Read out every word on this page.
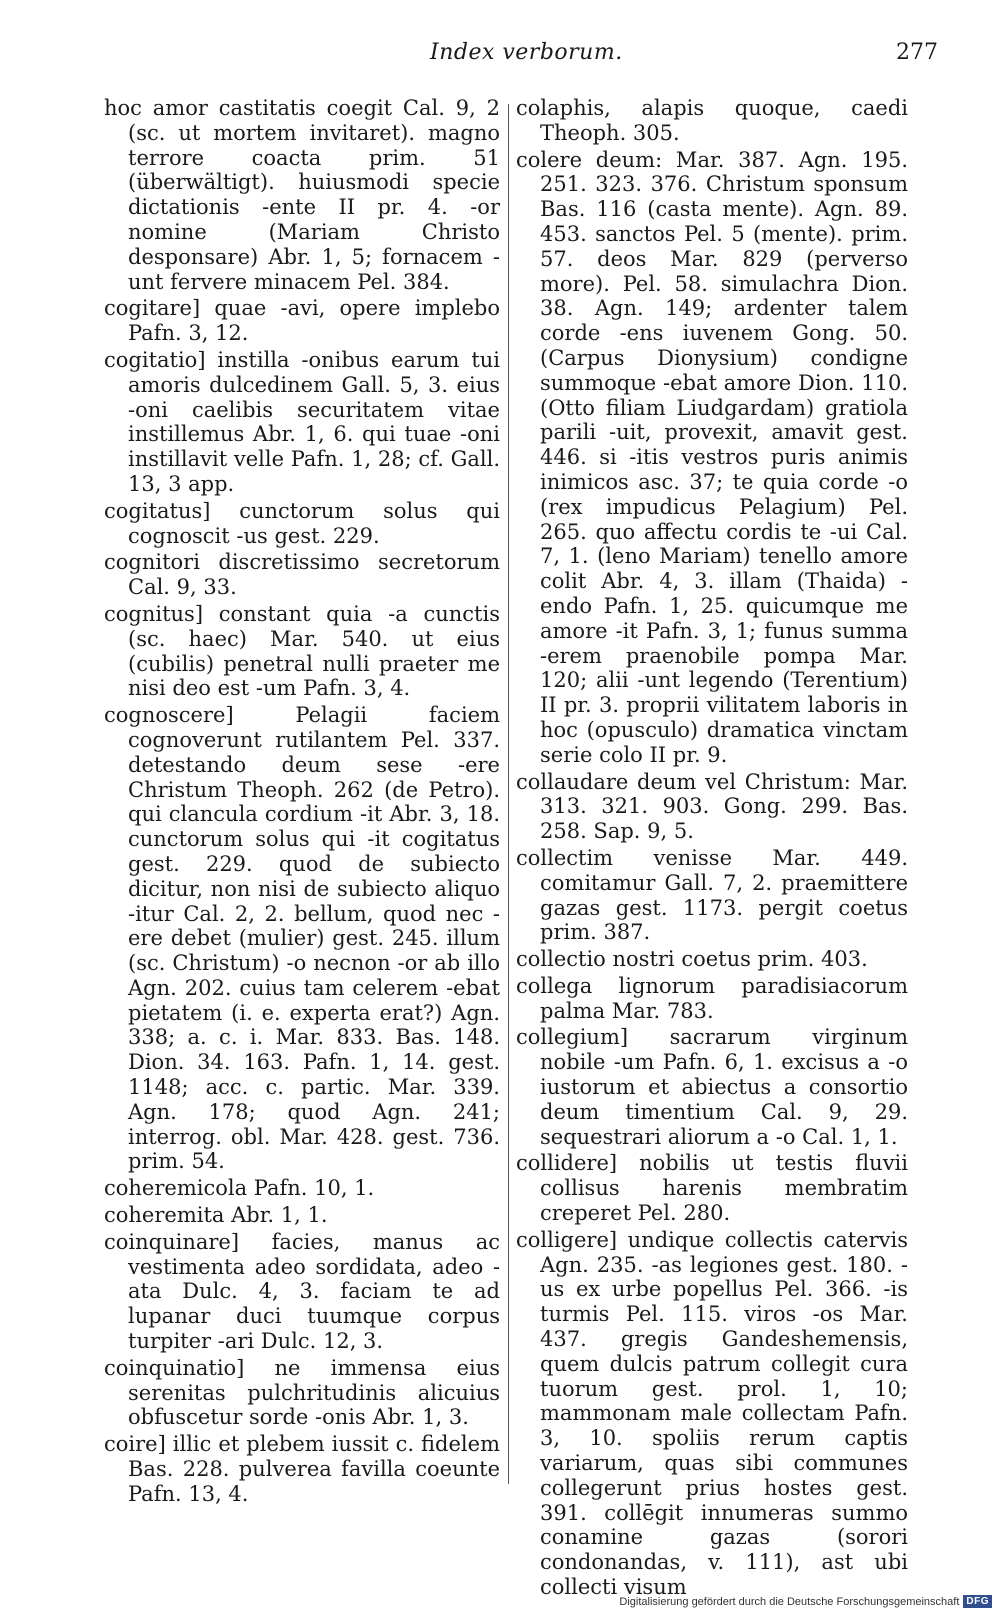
Index verborum.	277

hoc amor castitatis coegit Cal. 9, 2 (sc. ut mortem invitaret). magno terrore coacta prim. 51 (überwältigt). huiusmodi specie dictationis -ente II pr. 4. -or nomine (Mariam Christo desponsare) Abr. 1, 5; fornacem -unt fervere minacem Pel. 384.

cogitare] quae -avi, opere implebo Pafn. 3, 12.

cogitatio] instilla -onibus earum tui amoris dulcedinem Gall. 5, 3. eius -oni caelibis securitatem vitae instillemus Abr. 1, 6. qui tuae -oni instillavit velle Pafn. 1, 28; cf. Gall. 13, 3 app.

cogitatus] cunctorum solus qui cognoscit -us gest. 229.

cognitori discretissimo secretorum Cal. 9, 33.

cognitus] constant quia -a cunctis (sc. haec) Mar. 540. ut eius (cubilis) penetral nulli praeter me nisi deo est -um Pafn. 3, 4.

cognoscere] Pelagii faciem cognoverunt rutilantem Pel. 337. detestando deum sese -ere Christum Theoph. 262 (de Petro). qui clancula cordium -it Abr. 3, 18. cunctorum solus qui -it cogitatus gest. 229. quod de subiecto dicitur, non nisi de subiecto aliquo -itur Cal. 2, 2. bellum, quod nec -ere debet (mulier) gest. 245. illum (sc. Christum) -o necnon -or ab illo Agn. 202. cuius tam celerem -ebat pietatem (i. e. experta erat?) Agn. 338; a. c. i. Mar. 833. Bas. 148. Dion. 34. 163. Pafn. 1, 14. gest. 1148; acc. c. partic. Mar. 339. Agn. 178; quod Agn. 241; interrog. obl. Mar. 428. gest. 736. prim. 54.

coheremicola Pafn. 10, 1.

coheremita Abr. 1, 1.

coinquinare] facies, manus ac vestimenta adeo sordidata, adeo -ata Dulc. 4, 3. faciam te ad lupanar duci tuumque corpus turpiter -ari Dulc. 12, 3.

coinquinatio] ne immensa eius serenitas pulchritudinis alicuius obfuscetur sorde -onis Abr. 1, 3.

coire] illic et plebem iussit c. fidelem Bas. 228. pulverea favilla coeunte Pafn. 13, 4.

colaphis, alapis quoque, caedi Theoph. 305.

colere deum: Mar. 387. Agn. 195. 251. 323. 376. Christum sponsum Bas. 116 (casta mente). Agn. 89. 453. sanctos Pel. 5 (mente). prim. 57. deos Mar. 829 (perverso more). Pel. 58. simulachra Dion. 38. Agn. 149; ardenter talem corde -ens iuvenem Gong. 50. (Carpus Dionysium) condigne summoque -ebat amore Dion. 110. (Otto filiam Liudgardam) gratiola parili -uit, provexit, amavit gest. 446. si -itis vestros puris animis inimicos asc. 37; te quia corde -o (rex impudicus Pelagium) Pel. 265. quo affectu cordis te -ui Cal. 7, 1. (leno Mariam) tenello amore colit Abr. 4, 3. illam (Thaida) -endo Pafn. 1, 25. quicumque me amore -it Pafn. 3, 1; funus summa -erem praenobile pompa Mar. 120; alii -unt legendo (Terentium) II pr. 3. proprii vilitatem laboris in hoc (opusculo) dramatica vinctam serie colo II pr. 9.

collaudare deum vel Christum: Mar. 313. 321. 903. Gong. 299. Bas. 258. Sap. 9, 5.

collectim venisse Mar. 449. comitamur Gall. 7, 2. praemittere gazas gest. 1173. pergit coetus prim. 387.

collectio nostri coetus prim. 403.

collega lignorum paradisiacorum palma Mar. 783.

collegium] sacrarum virginum nobile -um Pafn. 6, 1. excisus a -o iustorum et abiectus a consortio deum timentium Cal. 9, 29. sequestrari aliorum a -o Cal. 1, 1.

collidere] nobilis ut testis fluvii collisus harenis membratim creperet Pel. 280.

colligere] undique collectis catervis Agn. 235. -as legiones gest. 180. -us ex urbe popellus Pel. 366. -is turmis Pel. 115. viros -os Mar. 437. gregis Gandeshemensis, quem dulcis patrum collegit cura tuorum gest. prol. 1, 10; mammonam male collectam Pafn. 3, 10. spoliis rerum captis variarum, quas sibi communes collegerunt prius hostes gest. 391. collēgit innumeras summo conamine gazas (sorori condonandas, v. 111), ast ubi collecti visum

Digitalisierung gefördert durch die Deutsche Forschungsgemeinschaft DFG
